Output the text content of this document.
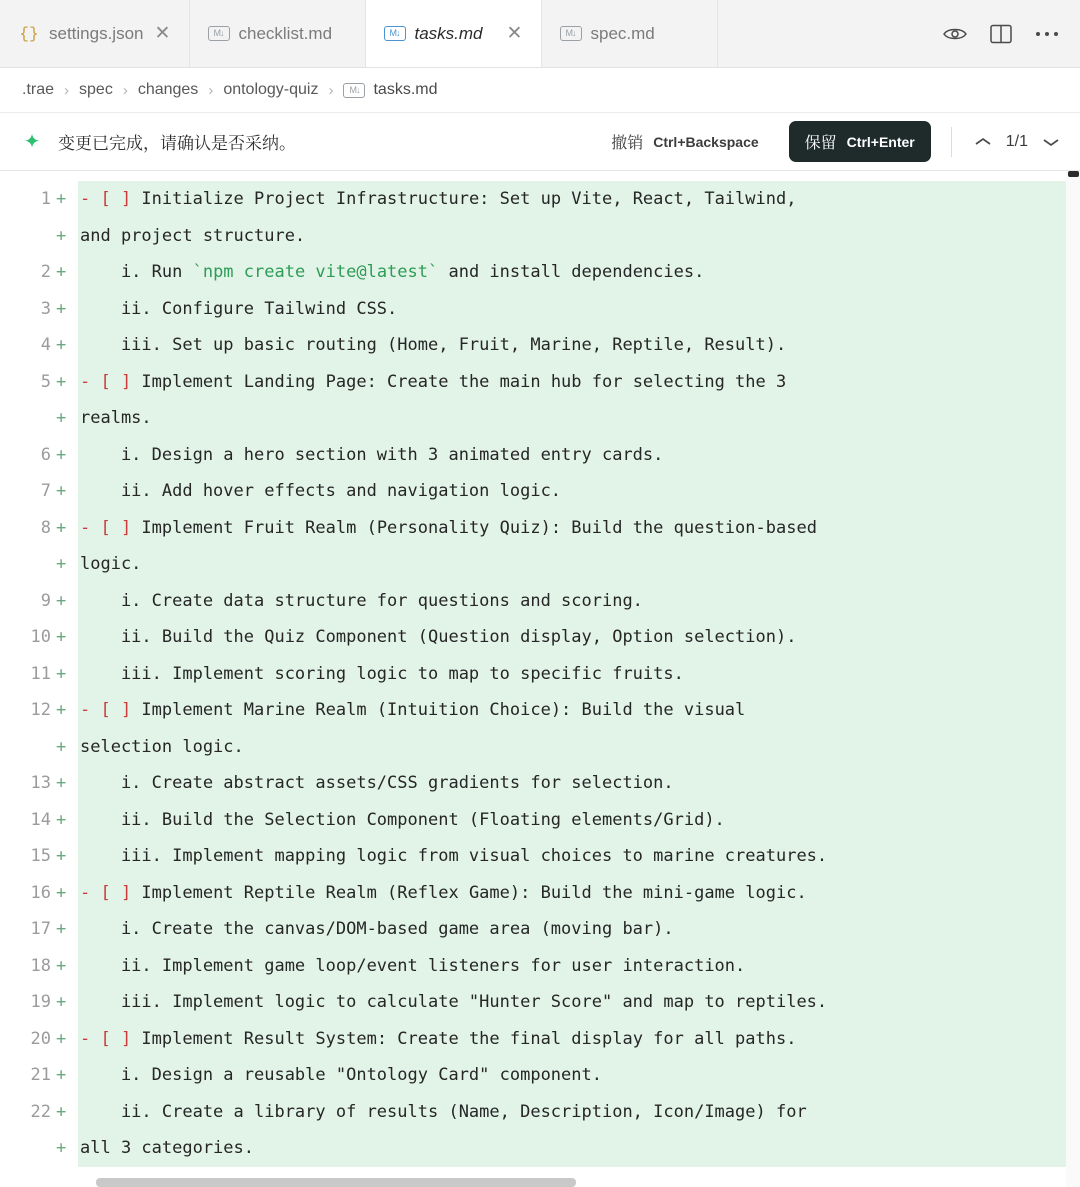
{} settings.json ✕	M↓ checklist.md	M↓ tasks.md	✕	M↓ spec.md
.trae › spec › changes › ontology-quiz ›	M↓ tasks.md
✦ 变更已完成，请确认是否采纳。	撤销 Ctrl+Backspace	保留 Ctrl+Enter	1/1
1 +
+
2 +
3 +
4 +
5 +
+
6 +
7 +
8 +
+
9 +
10 +
11 +
12 +
+
13 +
14 +
15 +
16 +
17 +
18 +
19 +
20 +
21 +
22 +
+
- [ ] Initialize Project Infrastructure: Set up Vite, React, Tailwind,
and project structure.
i. Run `npm create vite@latest` and install dependencies.
ii. Configure Tailwind CSS.
iii. Set up basic routing (Home, Fruit, Marine, Reptile, Result).
- [ ] Implement Landing Page: Create the main hub for selecting the 3
realms.
i. Design a hero section with 3 animated entry cards.
ii. Add hover effects and navigation logic.
- [ ] Implement Fruit Realm (Personality Quiz): Build the question-based
logic.
i. Create data structure for questions and scoring.
ii. Build the Quiz Component (Question display, Option selection).
iii. Implement scoring logic to map to specific fruits.
- [ ] Implement Marine Realm (Intuition Choice): Build the visual
selection logic.
i. Create abstract assets/CSS gradients for selection.
ii. Build the Selection Component (Floating elements/Grid).
iii. Implement mapping logic from visual choices to marine creatures.
- [ ] Implement Reptile Realm (Reflex Game): Build the mini-game logic.
i. Create the canvas/DOM-based game area (moving bar).
ii. Implement game loop/event listeners for user interaction.
iii. Implement logic to calculate "Hunter Score" and map to reptiles.
- [ ] Implement Result System: Create the final display for all paths.
i. Design a reusable "Ontology Card" component.
ii. Create a library of results (Name, Description, Icon/Image) for
all 3 categories.
